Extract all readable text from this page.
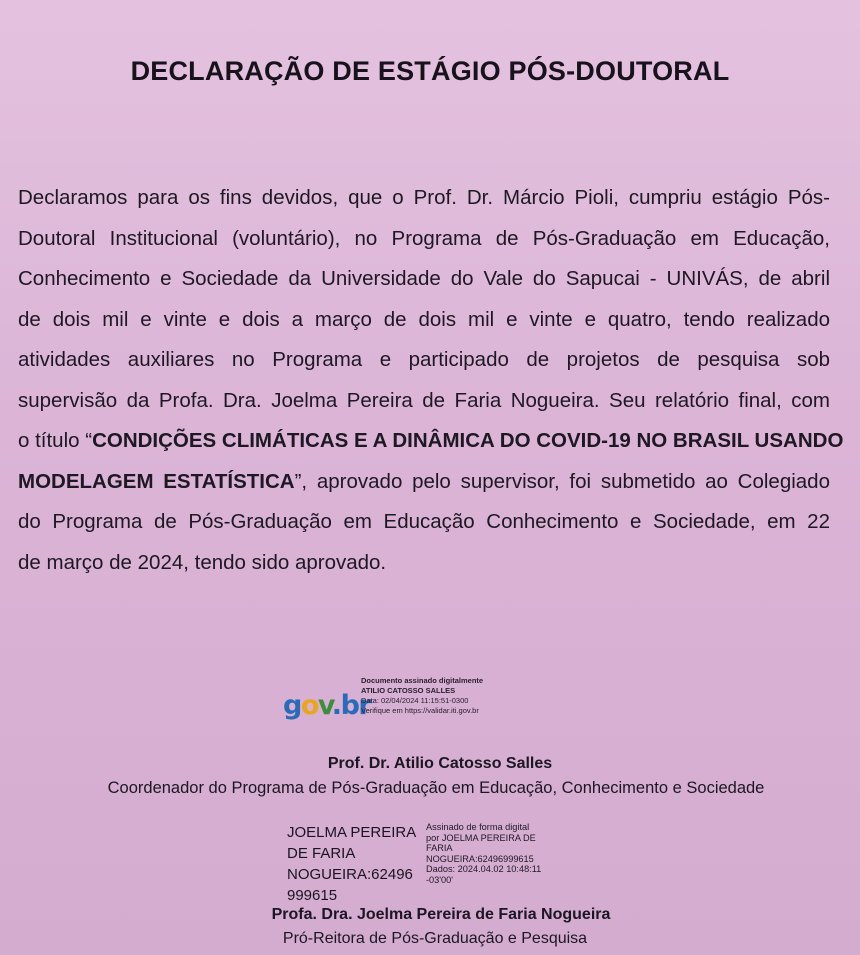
DECLARAÇÃO DE ESTÁGIO PÓS-DOUTORAL
Declaramos para os fins devidos, que o Prof. Dr. Márcio Pioli, cumpriu estágio Pós-
Doutoral Institucional (voluntário), no Programa de Pós-Graduação em Educação,
Conhecimento e Sociedade da Universidade do Vale do Sapucai - UNIVÁS, de abril
de dois mil e vinte e dois a março de dois mil e vinte e quatro, tendo realizado
atividades auxiliares no Programa e participado de projetos de pesquisa sob
supervisão da Profa. Dra. Joelma Pereira de Faria Nogueira. Seu relatório final, com
o título “CONDIÇÕES CLIMÁTICAS E A DINÂMICA DO COVID-19 NO BRASIL USANDO
MODELAGEM ESTATÍSTICA”, aprovado pelo supervisor, foi submetido ao Colegiado
do Programa de Pós-Graduação em Educação Conhecimento e Sociedade, em 22
de março de 2024, tendo sido aprovado.
gov.br
Documento assinado digitalmente
ATILIO CATOSSO SALLES
Data: 02/04/2024 11:15:51-0300
Verifique em https://validar.iti.gov.br
Prof. Dr. Atilio Catosso Salles
Coordenador do Programa de Pós-Graduação em Educação, Conhecimento e Sociedade
JOELMA PEREIRA
DE FARIA
NOGUEIRA:62496
999615
Assinado de forma digital
por JOELMA PEREIRA DE
FARIA
NOGUEIRA:62496999615
Dados: 2024.04.02 10:48:11
-03'00'
Profa. Dra. Joelma Pereira de Faria Nogueira
Pró-Reitora de Pós-Graduação e Pesquisa
